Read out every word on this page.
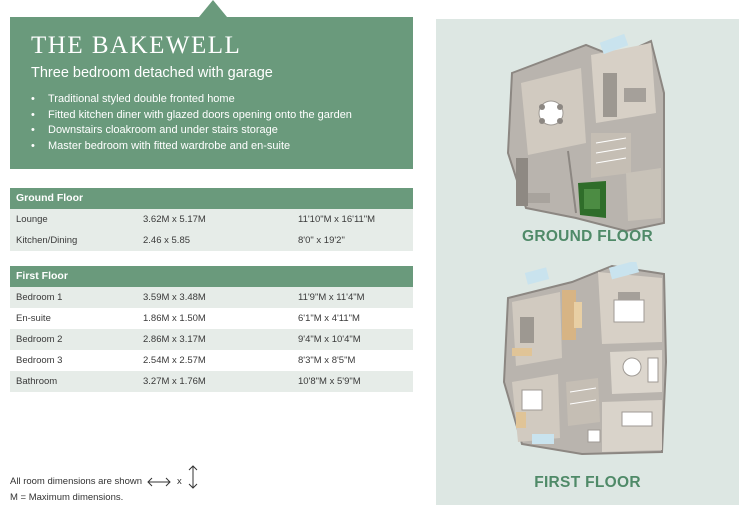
THE BAKEWELL
Three bedroom detached with garage
• Traditional styled double fronted home
• Fitted kitchen diner with glazed doors opening onto the garden
• Downstairs cloakroom and under stairs storage
• Master bedroom with fitted wardrobe and en-suite
Ground Floor
Lounge	3.62M x 5.17M	11'10"M x 16'11"M
Kitchen/Dining	2.46 x 5.85	8'0" x 19'2"
First Floor
Bedroom 1	3.59M x 3.48M	11'9"M x 11'4"M
En-suite	1.86M x 1.50M	6'1"M x 4'11"M
Bedroom 2	2.86M x 3.17M	9'4"M x 10'4"M
Bedroom 3	2.54M x 2.57M	8'3"M x 8'5"M
Bathroom	3.27M x 1.76M	10'8"M x 5'9"M
All room dimensions are shown	x
M = Maximum dimensions.
GROUND FLOOR
FIRST FLOOR
